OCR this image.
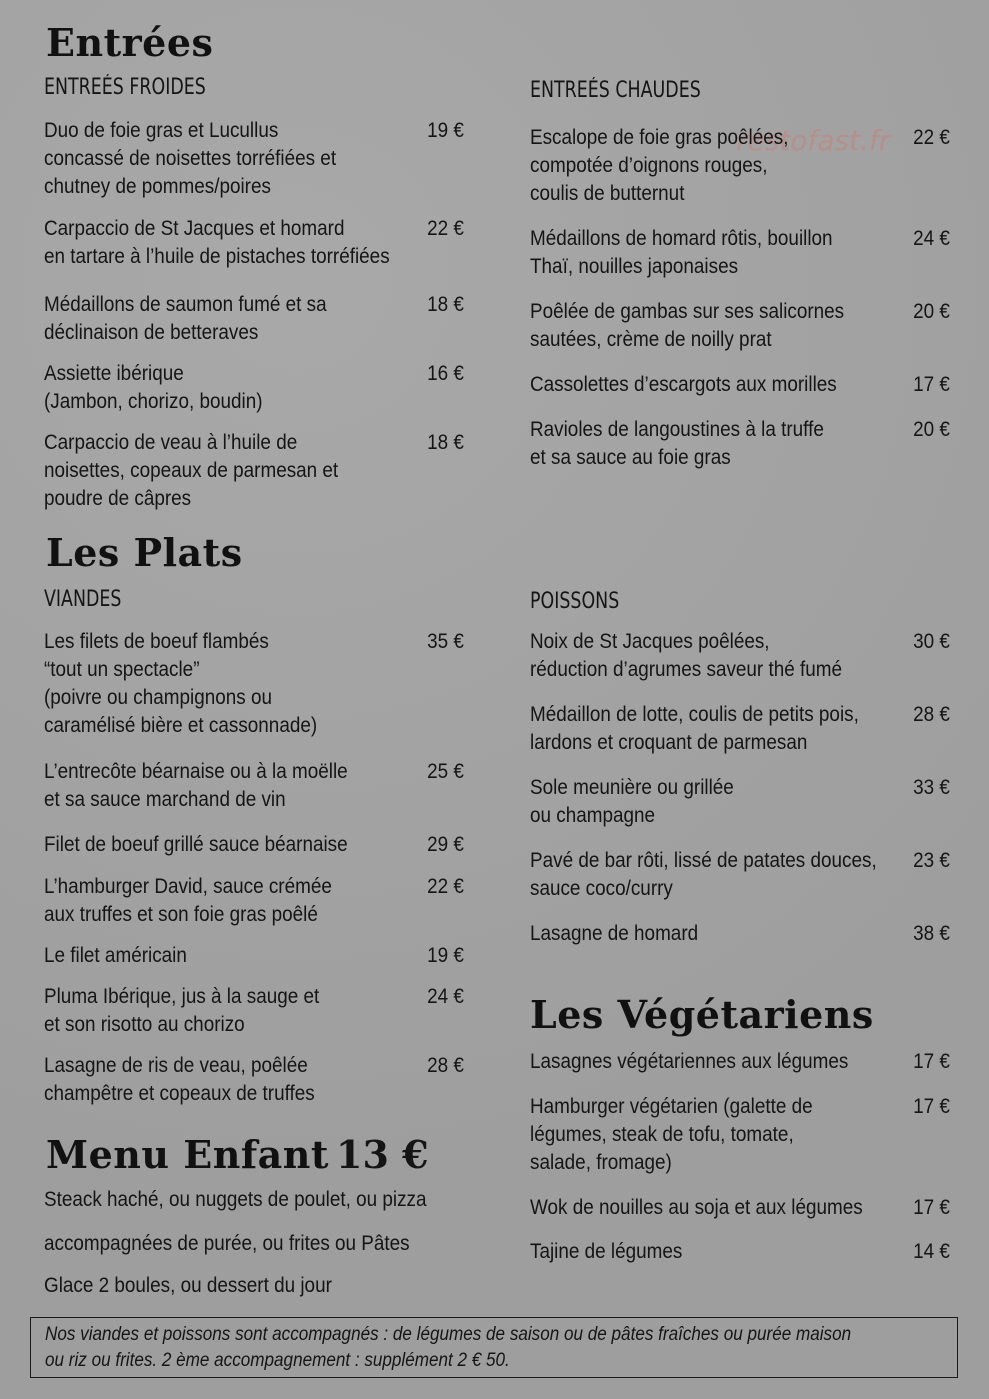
restofast.fr
Entrées
ENTREÉS FROIDES	ENTREÉS CHAUDES
Duo de foie gras et Lucullus
concassé de noisettes torréfiées et
chutney de pommes/poires
19 €
Carpaccio de St Jacques et homard
en tartare à l’huile de pistaches torréfiées
22 €
Médaillons de saumon fumé et sa
déclinaison de betteraves
18 €
Assiette ibérique
(Jambon, chorizo, boudin)
16 €
Carpaccio de veau à l’huile de
noisettes, copeaux de parmesan et
poudre de câpres
18 €
Escalope de foie gras poêlées,
compotée d’oignons rouges,
coulis de butternut
22 €
Médaillons de homard rôtis, bouillon
Thaï, nouilles japonaises
24 €
Poêlée de gambas sur ses salicornes
sautées, crème de noilly prat
20 €
Cassolettes d’escargots aux morilles	17 €
Ravioles de langoustines à la truffe
et sa sauce au foie gras
20 €
Les Plats
VIANDES	POISSONS
Les filets de boeuf flambés
“tout un spectacle”
(poivre ou champignons ou
caramélisé bière et cassonnade)
35 €
L’entrecôte béarnaise ou à la moëlle
et sa sauce marchand de vin
25 €
Filet de boeuf grillé sauce béarnaise	29 €
L’hamburger David, sauce crémée
aux truffes et son foie gras poêlé
22 €
Le filet américain	19 €
Pluma Ibérique, jus à la sauge et
et son risotto au chorizo
24 €
Lasagne de ris de veau, poêlée
champêtre et copeaux de truffes
28 €
Noix de St Jacques poêlées,
réduction d’agrumes saveur thé fumé
30 €
Médaillon de lotte, coulis de petits pois,
lardons et croquant de parmesan
28 €
Sole meunière ou grillée
ou champagne
33 €
Pavé de bar rôti, lissé de patates douces,
sauce coco/curry
23 €
Lasagne de homard	38 €
Les Végétariens
Lasagnes végétariennes aux légumes	17 €
Hamburger végétarien (galette de
légumes, steak de tofu, tomate,
salade, fromage)
17 €
Wok de nouilles au soja et aux légumes	17 €
Tajine de légumes	14 €
Menu Enfant 13 €
Steack haché, ou nuggets de poulet, ou pizza
accompagnées de purée, ou frites ou Pâtes
Glace 2 boules, ou dessert du jour
Nos viandes et poissons sont accompagnés : de légumes de saison ou de pâtes fraîches ou purée maison
ou riz ou frites. 2 ème accompagnement : supplément 2 € 50.
